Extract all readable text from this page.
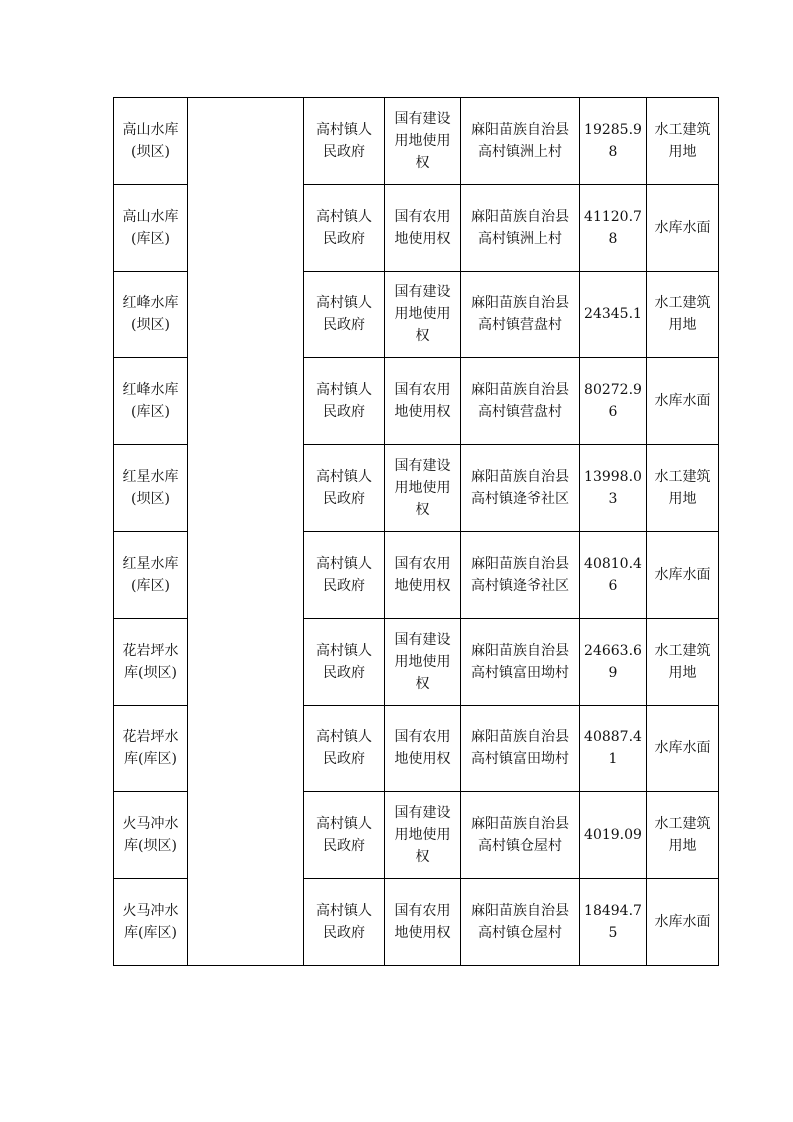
高山水库
(坝区)		高村镇人
民政府	国有建设
用地使用
权	麻阳苗族自治县
高村镇洲上村	19285.9
8	水工建筑
用地

高山水库
(库区)		高村镇人
民政府	国有农用
地使用权	麻阳苗族自治县
高村镇洲上村	41120.7
8	水库水面

红峰水库
(坝区)		高村镇人
民政府	国有建设
用地使用
权	麻阳苗族自治县
高村镇营盘村	24345.1	水工建筑
用地

红峰水库
(库区)		高村镇人
民政府	国有农用
地使用权	麻阳苗族自治县
高村镇营盘村	80272.9
6	水库水面

红星水库
(坝区)		高村镇人
民政府	国有建设
用地使用
权	麻阳苗族自治县
高村镇逄爷社区	13998.0
3	水工建筑
用地

红星水库
(库区)		高村镇人
民政府	国有农用
地使用权	麻阳苗族自治县
高村镇逄爷社区	40810.4
6	水库水面

花岩坪水
库(坝区)		高村镇人
民政府	国有建设
用地使用
权	麻阳苗族自治县
高村镇富田坳村	24663.6
9	水工建筑
用地

花岩坪水
库(库区)		高村镇人
民政府	国有农用
地使用权	麻阳苗族自治县
高村镇富田坳村	40887.4
1	水库水面

火马冲水
库(坝区)		高村镇人
民政府	国有建设
用地使用
权	麻阳苗族自治县
高村镇仓屋村	4019.09	水工建筑
用地

火马冲水
库(库区)		高村镇人
民政府	国有农用
地使用权	麻阳苗族自治县
高村镇仓屋村	18494.7
5	水库水面
